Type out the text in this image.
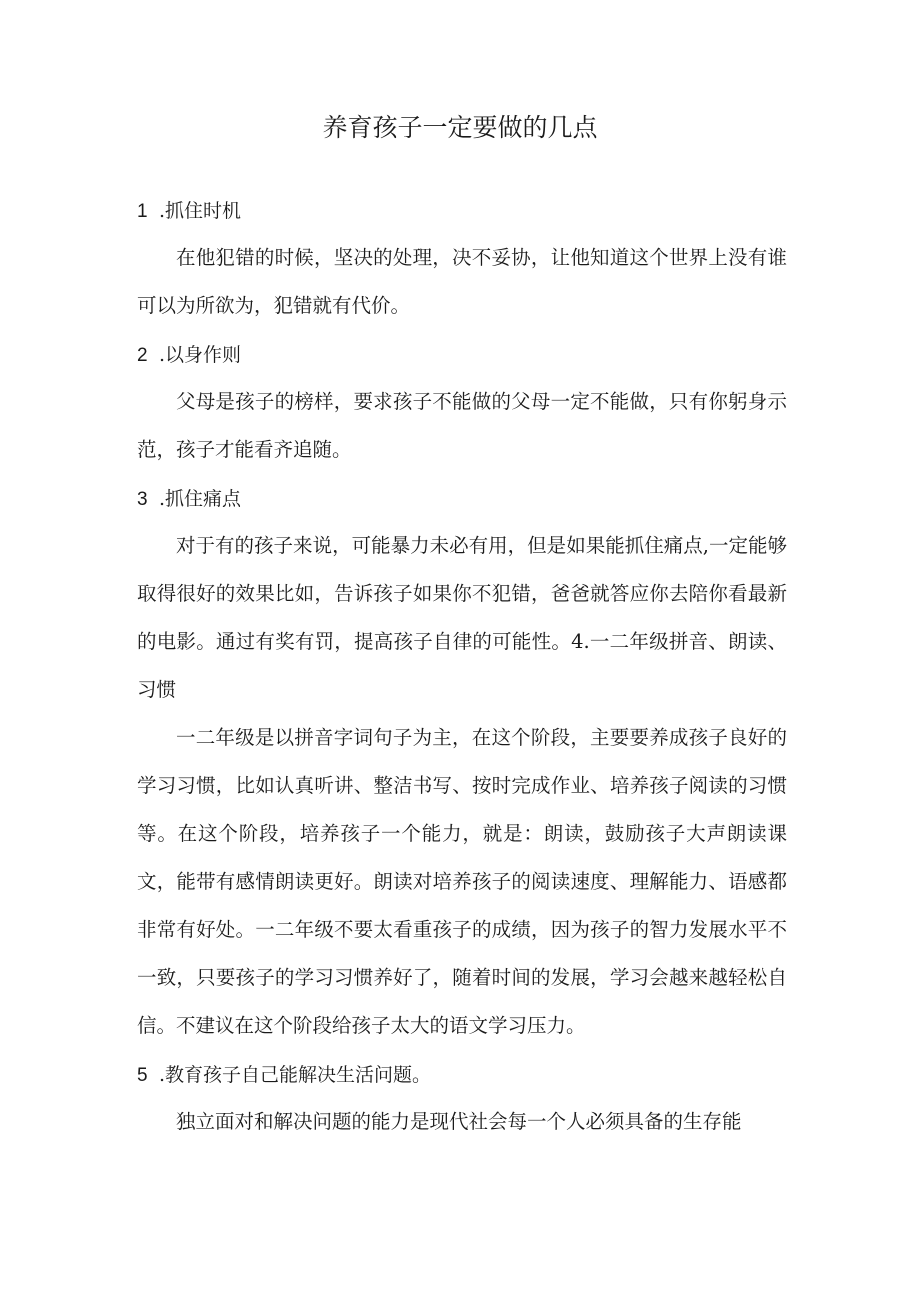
养育孩子一定要做的几点
1 .抓住时机

在他犯错的时候，坚决的处理，决不妥协，让他知道这个世界上没有谁可以为所欲为，犯错就有代价。

2 .以身作则

父母是孩子的榜样，要求孩子不能做的父母一定不能做，只有你躬身示范，孩子才能看齐追随。

3 .抓住痛点

对于有的孩子来说，可能暴力未必有用，但是如果能抓住痛点,一定能够取得很好的效果比如，告诉孩子如果你不犯错，爸爸就答应你去陪你看最新的电影。通过有奖有罚，提高孩子自律的可能性。4.一二年级拼音、朗读、习惯

一二年级是以拼音字词句子为主，在这个阶段，主要要养成孩子良好的学习习惯，比如认真听讲、整洁书写、按时完成作业、培养孩子阅读的习惯等。在这个阶段，培养孩子一个能力，就是：朗读，鼓励孩子大声朗读课文，能带有感情朗读更好。朗读对培养孩子的阅读速度、理解能力、语感都非常有好处。一二年级不要太看重孩子的成绩，因为孩子的智力发展水平不一致，只要孩子的学习习惯养好了，随着时间的发展，学习会越来越轻松自信。不建议在这个阶段给孩子太大的语文学习压力。

5 .教育孩子自己能解决生活问题。

独立面对和解决问题的能力是现代社会每一个人必须具备的生存能
